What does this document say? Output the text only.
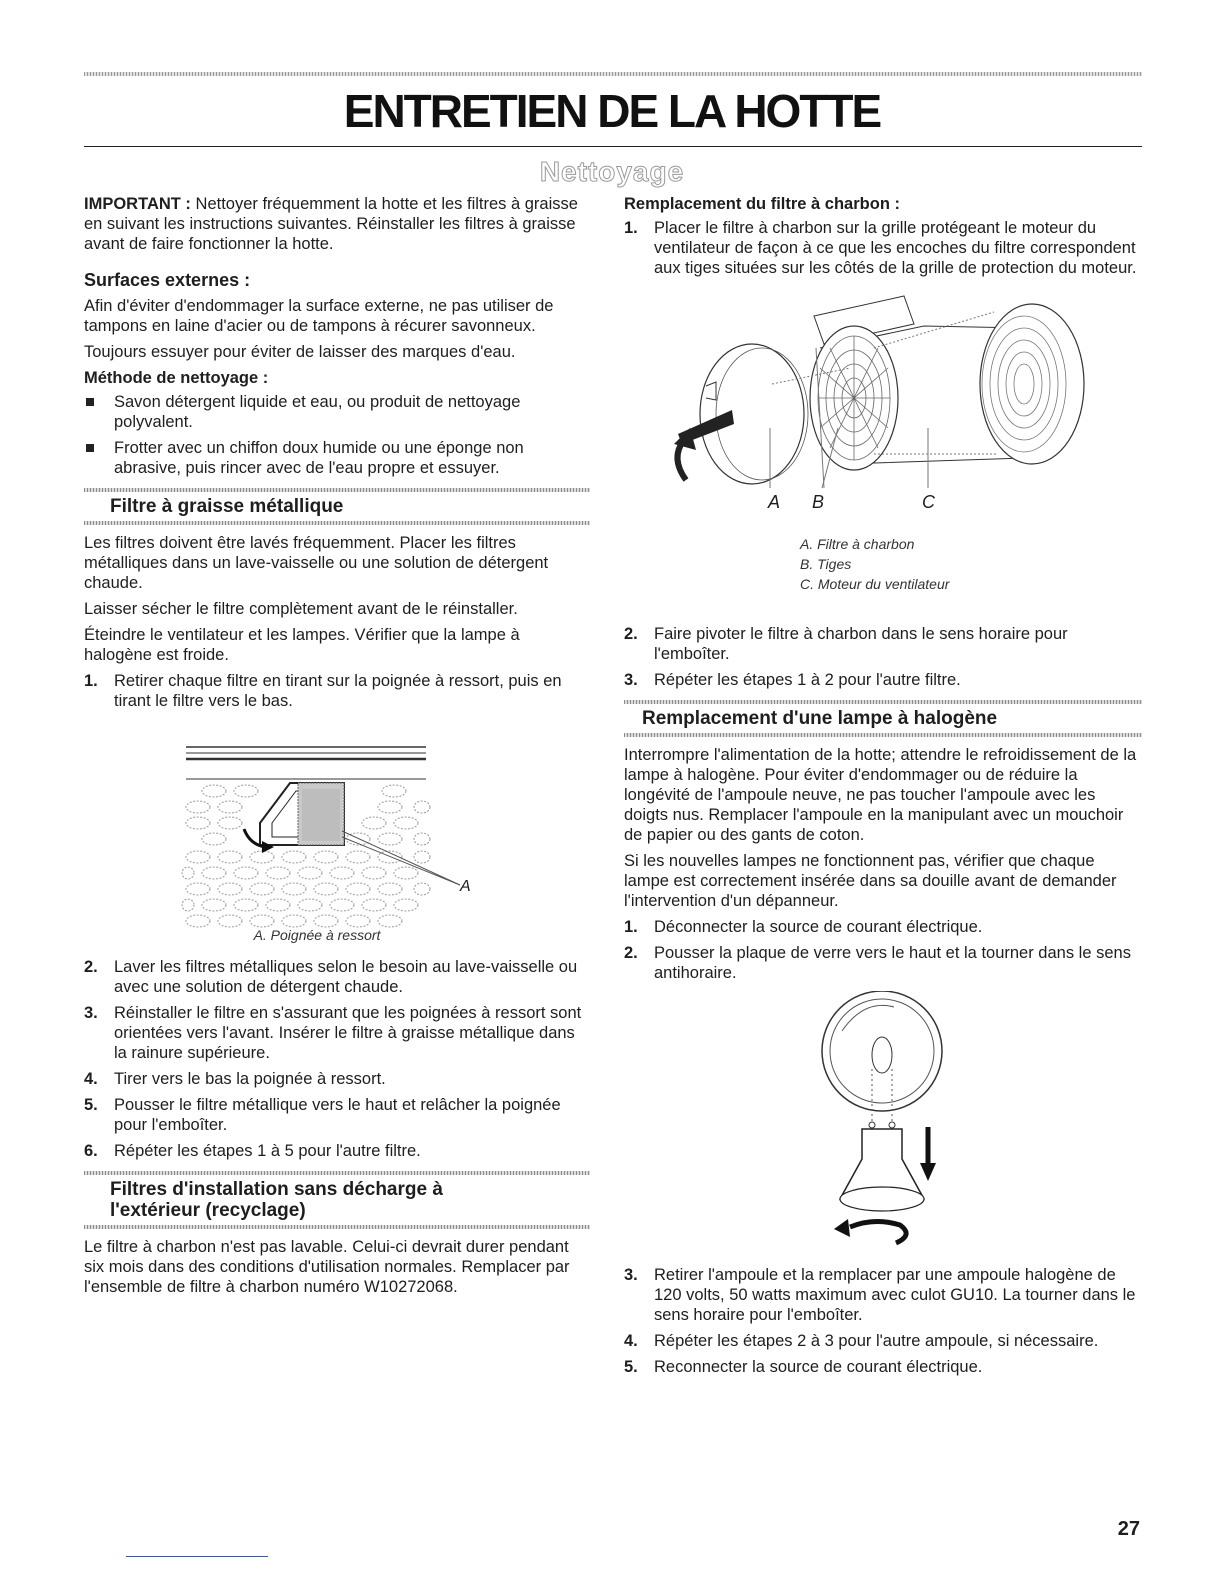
ENTRETIEN DE LA HOTTE
Nettoyage

IMPORTANT : Nettoyer fréquemment la hotte et les filtres à graisse en suivant les instructions suivantes. Réinstaller les filtres à graisse avant de faire fonctionner la hotte.

Surfaces externes :

Afin d'éviter d'endommager la surface externe, ne pas utiliser de tampons en laine d'acier ou de tampons à récurer savonneux.

Toujours essuyer pour éviter de laisser des marques d'eau.

Méthode de nettoyage :
Savon détergent liquide et eau, ou produit de nettoyage polyvalent.
Frotter avec un chiffon doux humide ou une éponge non abrasive, puis rincer avec de l'eau propre et essuyer.
Filtre à graisse métallique

Les filtres doivent être lavés fréquemment. Placer les filtres métalliques dans un lave-vaisselle ou une solution de détergent chaude.

Laisser sécher le filtre complètement avant de le réinstaller.

Éteindre le ventilateur et les lampes. Vérifier que la lampe à halogène est froide.

1. Retirer chaque filtre en tirant sur la poignée à ressort, puis en tirant le filtre vers le bas.
A
A. Poignée à ressort
2. Laver les filtres métalliques selon le besoin au lave-vaisselle ou avec une solution de détergent chaude.
3. Réinstaller le filtre en s'assurant que les poignées à ressort sont orientées vers l'avant. Insérer le filtre à graisse métallique dans la rainure supérieure.
4. Tirer vers le bas la poignée à ressort.
5. Pousser le filtre métallique vers le haut et relâcher la poignée pour l'emboîter.
6. Répéter les étapes 1 à 5 pour l'autre filtre.
Filtres d'installation sans décharge à l'extérieur (recyclage)

Le filtre à charbon n'est pas lavable. Celui-ci devrait durer pendant six mois dans des conditions d'utilisation normales. Remplacer par l'ensemble de filtre à charbon numéro W10272068.

Remplacement du filtre à charbon :
1. Placer le filtre à charbon sur la grille protégeant le moteur du ventilateur de façon à ce que les encoches du filtre correspondent aux tiges situées sur les côtés de la grille de protection du moteur.
A B	C
A. Filtre à charbon
B. Tiges
C. Moteur du ventilateur
2. Faire pivoter le filtre à charbon dans le sens horaire pour l'emboîter.
3. Répéter les étapes 1 à 2 pour l'autre filtre.
Remplacement d'une lampe à halogène

Interrompre l'alimentation de la hotte; attendre le refroidissement de la lampe à halogène. Pour éviter d'endommager ou de réduire la longévité de l'ampoule neuve, ne pas toucher l'ampoule avec les doigts nus. Remplacer l'ampoule en la manipulant avec un mouchoir de papier ou des gants de coton.

Si les nouvelles lampes ne fonctionnent pas, vérifier que chaque lampe est correctement insérée dans sa douille avant de demander l'intervention d'un dépanneur.

1. Déconnecter la source de courant électrique.
2. Pousser la plaque de verre vers le haut et la tourner dans le sens antihoraire.
3. Retirer l'ampoule et la remplacer par une ampoule halogène de 120 volts, 50 watts maximum avec culot GU10. La tourner dans le sens horaire pour l'emboîter.
4. Répéter les étapes 2 à 3 pour l'autre ampoule, si nécessaire.
5. Reconnecter la source de courant électrique.
27
